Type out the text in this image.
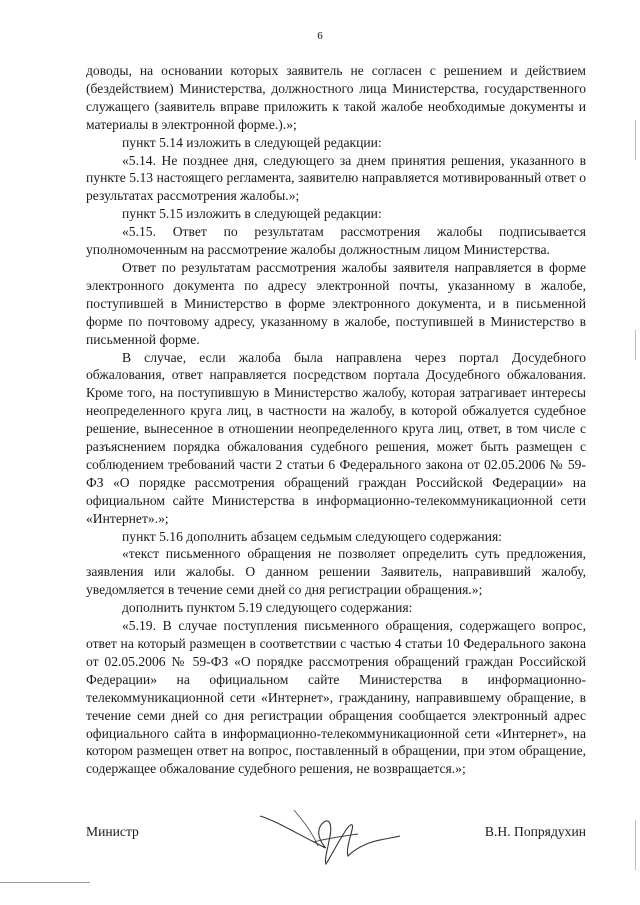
6

доводы, на основании которых заявитель не согласен с решением и действием (бездействием) Министерства, должностного лица Министерства, государственного служащего (заявитель вправе приложить к такой жалобе необходимые документы и материалы в электронной форме.).»;

пункт 5.14 изложить в следующей редакции:

«5.14. Не позднее дня, следующего за днем принятия решения, указанного в пункте 5.13 настоящего регламента, заявителю направляется мотивированный ответ о результатах рассмотрения жалобы.»;

пункт 5.15 изложить в следующей редакции:

«5.15. Ответ по результатам рассмотрения жалобы подписывается уполномоченным на рассмотрение жалобы должностным лицом Министерства.

Ответ по результатам рассмотрения жалобы заявителя направляется в форме электронного документа по адресу электронной почты, указанному в жалобе, поступившей в Министерство в форме электронного документа, и в письменной форме по почтовому адресу, указанному в жалобе, поступившей в Министерство в письменной форме.

В случае, если жалоба была направлена через портал Досудебного обжалования, ответ направляется посредством портала Досудебного обжалования. Кроме того, на поступившую в Министерство жалобу, которая затрагивает интересы неопределенного круга лиц, в частности на жалобу, в которой обжалуется судебное решение, вынесенное в отношении неопределенного круга лиц, ответ, в том числе с разъяснением порядка обжалования судебного решения, может быть размещен с соблюдением требований части 2 статьи 6 Федерального закона от 02.05.2006 № 59-ФЗ «О порядке рассмотрения обращений граждан Российской Федерации» на официальном сайте Министерства в информационно-телекоммуникационной сети «Интернет».»;

пункт 5.16 дополнить абзацем седьмым следующего содержания:

«текст письменного обращения не позволяет определить суть предложения, заявления или жалобы. О данном решении Заявитель, направивший жалобу, уведомляется в течение семи дней со дня регистрации обращения.»;

дополнить пунктом 5.19 следующего содержания:

«5.19. В случае поступления письменного обращения, содержащего вопрос, ответ на который размещен в соответствии с частью 4 статьи 10 Федерального закона от 02.05.2006 № 59-ФЗ «О порядке рассмотрения обращений граждан Российской Федерации» на официальном сайте Министерства в информационно-телекоммуникационной сети «Интернет», гражданину, направившему обращение, в течение семи дней со дня регистрации обращения сообщается электронный адрес официального сайта в информационно-телекоммуникационной сети «Интернет», на котором размещен ответ на вопрос, поставленный в обращении, при этом обращение, содержащее обжалование судебного решения, не возвращается.»;

Министр	В.Н. Попрядухин
